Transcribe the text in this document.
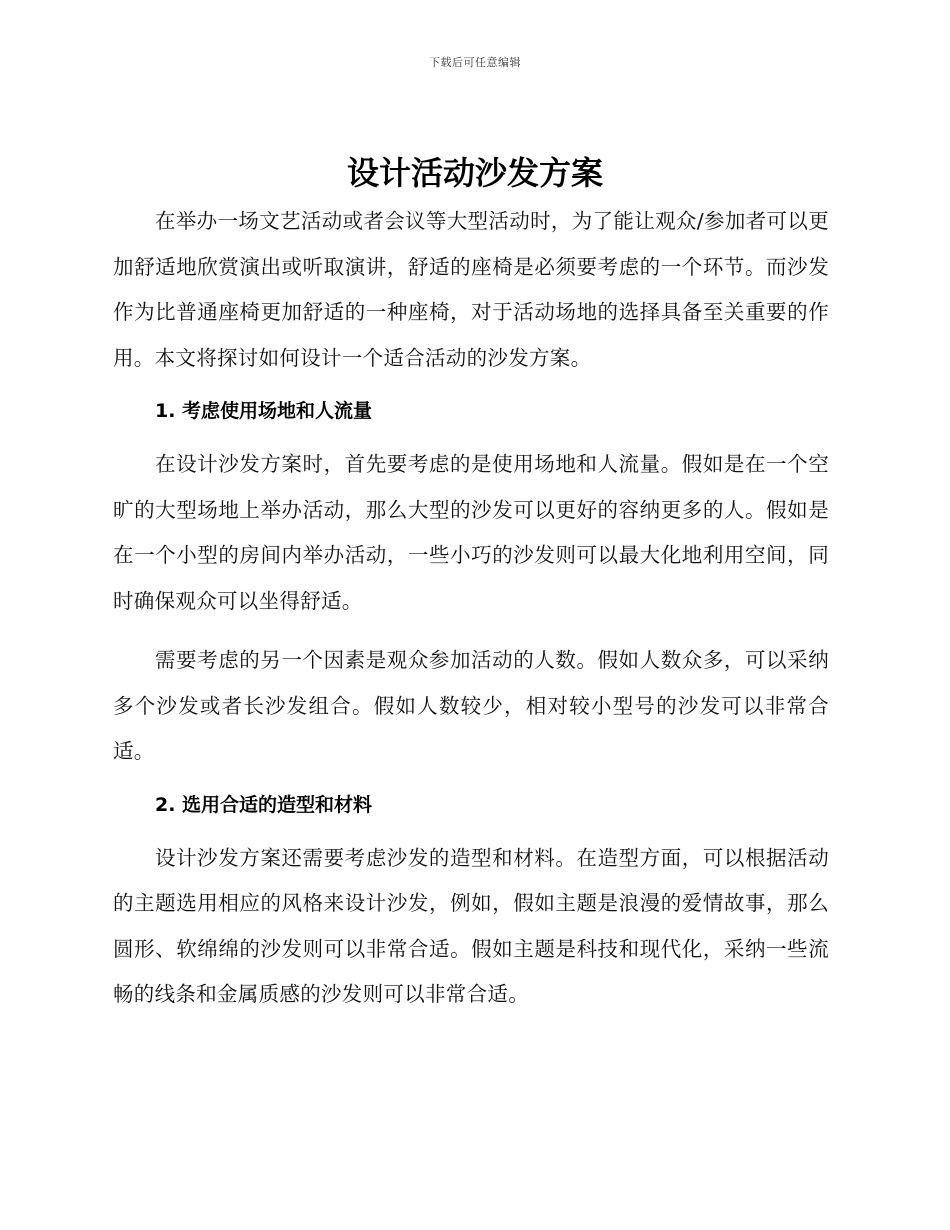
下载后可任意编辑
设计活动沙发方案

在举办一场文艺活动或者会议等大型活动时，为了能让观众/参加者可以更加舒适地欣赏演出或听取演讲，舒适的座椅是必须要考虑的一个环节。而沙发作为比普通座椅更加舒适的一种座椅，对于活动场地的选择具备至关重要的作用。本文将探讨如何设计一个适合活动的沙发方案。

1. 考虑使用场地和人流量

在设计沙发方案时，首先要考虑的是使用场地和人流量。假如是在一个空旷的大型场地上举办活动，那么大型的沙发可以更好的容纳更多的人。假如是在一个小型的房间内举办活动，一些小巧的沙发则可以最大化地利用空间，同时确保观众可以坐得舒适。

需要考虑的另一个因素是观众参加活动的人数。假如人数众多，可以采纳多个沙发或者长沙发组合。假如人数较少，相对较小型号的沙发可以非常合适。

2. 选用合适的造型和材料

设计沙发方案还需要考虑沙发的造型和材料。在造型方面，可以根据活动的主题选用相应的风格来设计沙发，例如，假如主题是浪漫的爱情故事，那么圆形、软绵绵的沙发则可以非常合适。假如主题是科技和现代化，采纳一些流畅的线条和金属质感的沙发则可以非常合适。
